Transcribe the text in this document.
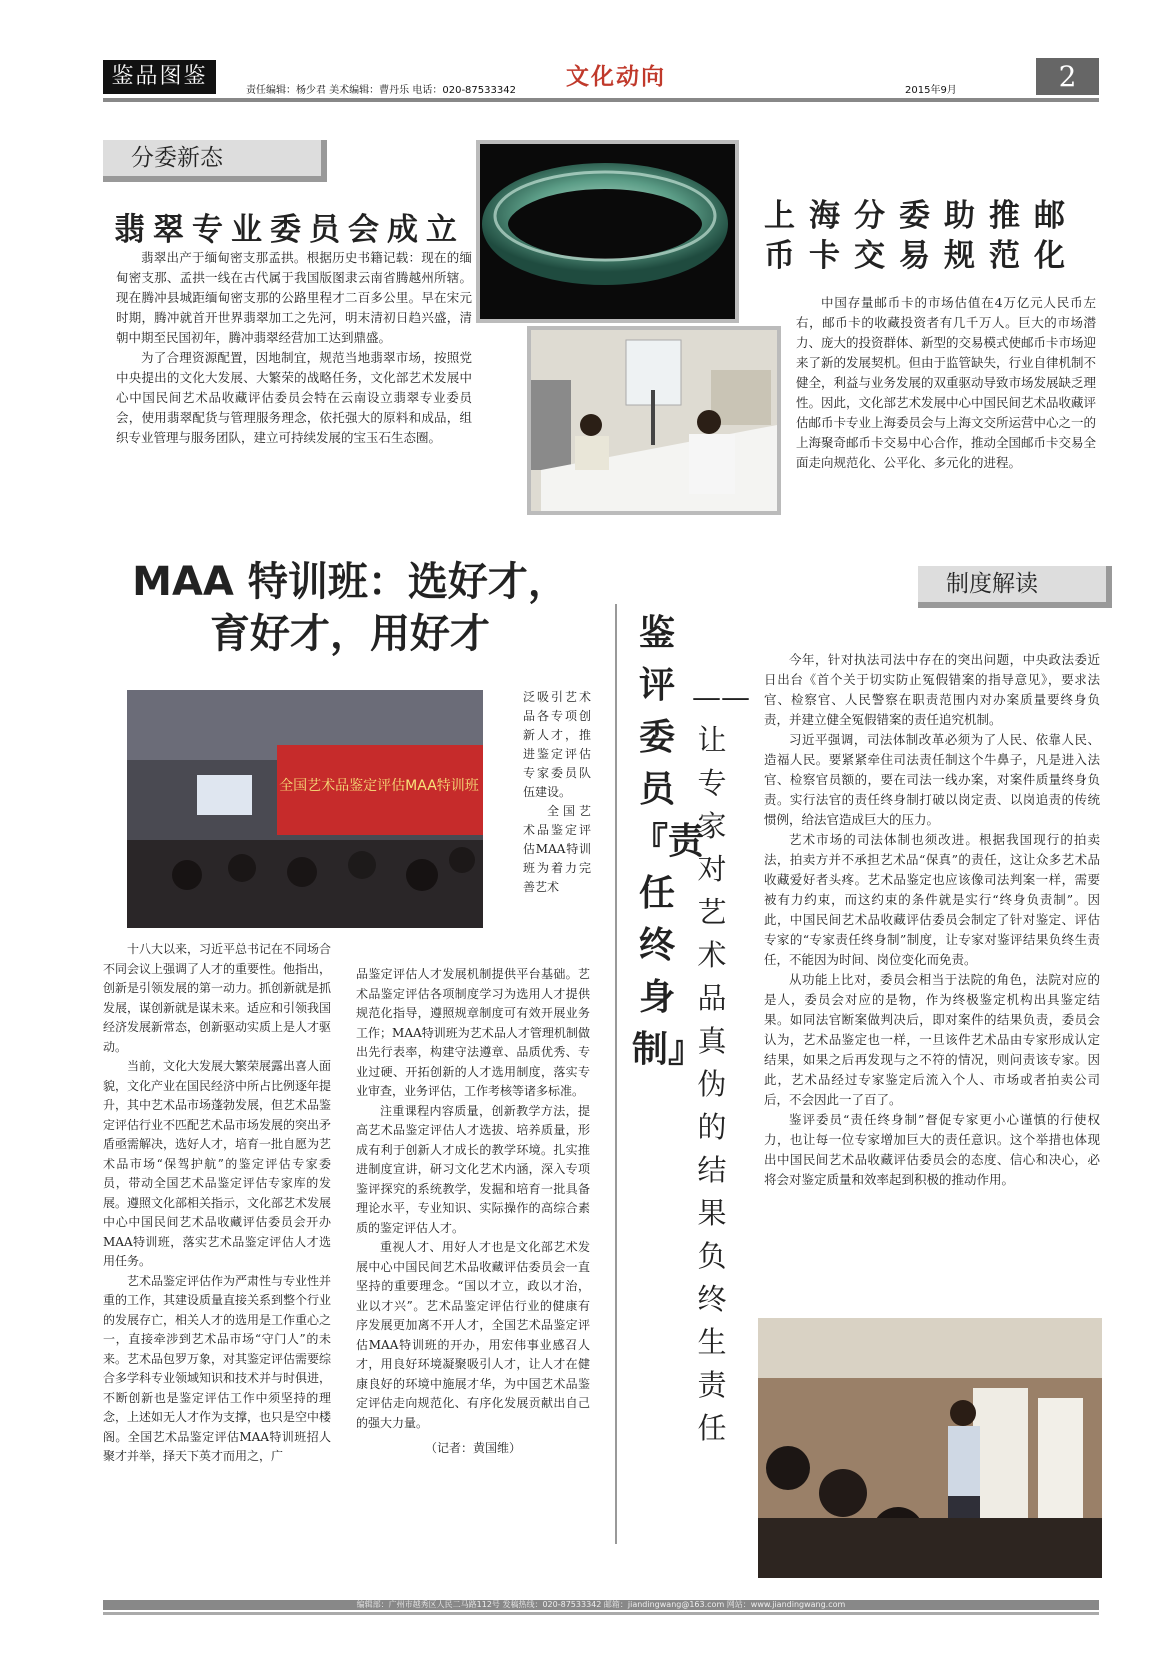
鉴品图鉴
责任编辑：杨少君 美术编辑：曹丹乐 电话：020-87533342
文化动向
2015年9月	2
分委新态
翡翠专业委员会成立

翡翠出产于缅甸密支那孟拱。根据历史书籍记载：现在的缅甸密支那、孟拱一线在古代属于我国版图隶云南省腾越州所辖。现在腾冲县城距缅甸密支那的公路里程才二百多公里。早在宋元时期，腾冲就首开世界翡翠加工之先河，明末清初日趋兴盛，清朝中期至民国初年，腾冲翡翠经营加工达到鼎盛。

为了合理资源配置，因地制宜，规范当地翡翠市场，按照党中央提出的文化大发展、大繁荣的战略任务，文化部艺术发展中心中国民间艺术品收藏评估委员会特在云南设立翡翠专业委员会，使用翡翠配货与管理服务理念，依托强大的原料和成品，组织专业管理与服务团队，建立可持续发展的宝玉石生态圈。

上海分委助推邮币卡交易规范化

中国存量邮币卡的市场估值在4万亿元人民币左右，邮币卡的收藏投资者有几千万人。巨大的市场潜力、庞大的投资群体、新型的交易模式使邮币卡市场迎来了新的发展契机。但由于监管缺失，行业自律机制不健全，利益与业务发展的双重驱动导致市场发展缺乏理性。因此，文化部艺术发展中心中国民间艺术品收藏评估邮币卡专业上海委员会与上海文交所运营中心之一的上海聚奇邮币卡交易中心合作，推动全国邮币卡交易全面走向规范化、公平化、多元化的进程。

MAA 特训班：选好才，
育好才，用好才
全国艺术品鉴定评估MAA特训班
泛吸引艺术品各专项创新人才，推进鉴定评估专家委员队伍建设。
全国艺术品鉴定评估MAA特训班为着力完善艺术

十八大以来，习近平总书记在不同场合不同会议上强调了人才的重要性。他指出，创新是引领发展的第一动力。抓创新就是抓发展，谋创新就是谋未来。适应和引领我国经济发展新常态，创新驱动实质上是人才驱动。

当前，文化大发展大繁荣展露出喜人面貌，文化产业在国民经济中所占比例逐年提升，其中艺术品市场蓬勃发展，但艺术品鉴定评估行业不匹配艺术品市场发展的突出矛盾亟需解决，选好人才，培育一批自愿为艺术品市场“保驾护航”的鉴定评估专家委员，带动全国艺术品鉴定评估专家库的发展。遵照文化部相关指示，文化部艺术发展中心中国民间艺术品收藏评估委员会开办MAA特训班，落实艺术品鉴定评估人才选用任务。

艺术品鉴定评估作为严肃性与专业性并重的工作，其建设质量直接关系到整个行业的发展存亡，相关人才的选用是工作重心之一，直接牵涉到艺术品市场“守门人”的未来。艺术品包罗万象，对其鉴定评估需要综合多学科专业领域知识和技术并与时俱进，不断创新也是鉴定评估工作中须坚持的理念，上述如无人才作为支撑，也只是空中楼阁。全国艺术品鉴定评估MAA特训班招人聚才并举，择天下英才而用之，广

品鉴定评估人才发展机制提供平台基础。艺术品鉴定评估各项制度学习为选用人才提供规范化指导，遵照规章制度可有效开展业务工作；MAA特训班为艺术品人才管理机制做出先行表率，构建守法遵章、品质优秀、专业过硬、开拓创新的人才选用制度，落实专业审查，业务评估，工作考核等诸多标准。

注重课程内容质量，创新教学方法，提高艺术品鉴定评估人才选拔、培养质量，形成有利于创新人才成长的教学环境。扎实推进制度宣讲，研习文化艺术内涵，深入专项鉴评探究的系统教学，发掘和培育一批具备理论水平，专业知识、实际操作的高综合素质的鉴定评估人才。

重视人才、用好人才也是文化部艺术发展中心中国民间艺术品收藏评估委员会一直坚持的重要理念。“国以才立，政以才治，业以才兴”。艺术品鉴定评估行业的健康有序发展更加离不开人才，全国艺术品鉴定评估MAA特训班的开办，用宏伟事业感召人才，用良好环境凝聚吸引人才，让人才在健康良好的环境中施展才华，为中国艺术品鉴定评估走向规范化、有序化发展贡献出自己的强大力量。

（记者：黄国维）
鉴评委员『责任终身制』
——让专家对艺术品真伪的结果负终生责任
制度解读

今年，针对执法司法中存在的突出问题，中央政法委近日出台《首个关于切实防止冤假错案的指导意见》，要求法官、检察官、人民警察在职责范围内对办案质量要终身负责，并建立健全冤假错案的责任追究机制。

习近平强调，司法体制改革必须为了人民、依靠人民、造福人民。要紧紧牵住司法责任制这个牛鼻子，凡是进入法官、检察官员额的，要在司法一线办案，对案件质量终身负责。实行法官的责任终身制打破以岗定责、以岗追责的传统惯例，给法官造成巨大的压力。

艺术市场的司法体制也须改进。根据我国现行的拍卖法，拍卖方并不承担艺术品“保真”的责任，这让众多艺术品收藏爱好者头疼。艺术品鉴定也应该像司法判案一样，需要被有力约束，而这约束的条件就是实行“终身负责制”。因此，中国民间艺术品收藏评估委员会制定了针对鉴定、评估专家的“专家责任终身制”制度，让专家对鉴评结果负终生责任，不能因为时间、岗位变化而免责。

从功能上比对，委员会相当于法院的角色，法院对应的是人，委员会对应的是物，作为终极鉴定机构出具鉴定结果。如同法官断案做判决后，即对案件的结果负责，委员会认为，艺术品鉴定也一样，一旦该件艺术品由专家形成认定结果，如果之后再发现与之不符的情况，则问责该专家。因此，艺术品经过专家鉴定后流入个人、市场或者拍卖公司后，不会因此一了百了。

鉴评委员“责任终身制”督促专家更小心谨慎的行使权力，也让每一位专家增加巨大的责任意识。这个举措也体现出中国民间艺术品收藏评估委员会的态度、信心和决心，必将会对鉴定质量和效率起到积极的推动作用。

编辑部：广州市越秀区人民二马路112号 发稿热线：020-87533342 邮箱：jiandingwang@163.com 网站：www.jiandingwang.com
